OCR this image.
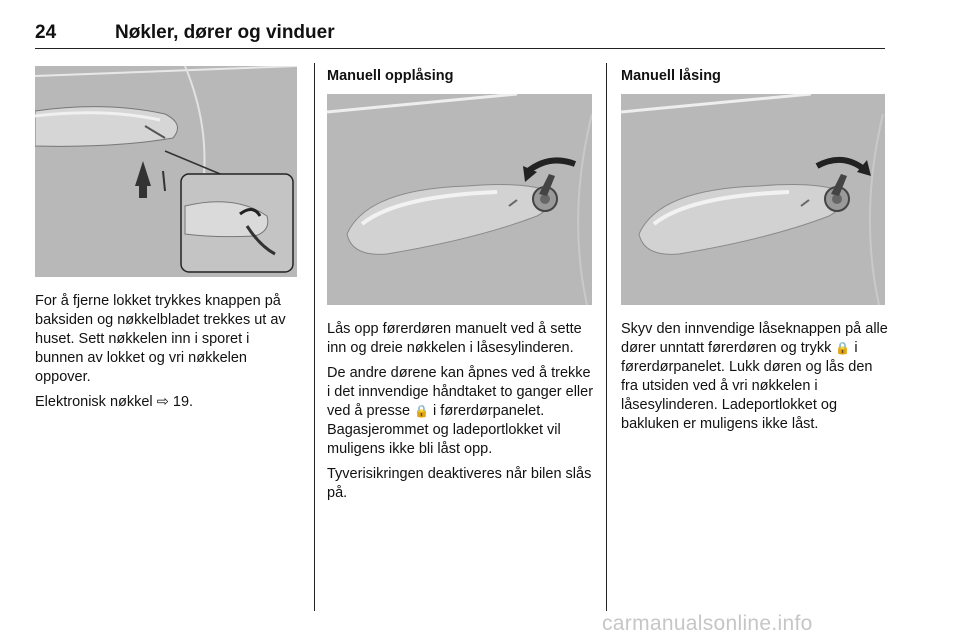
24	Nøkler, dører og vinduer

For å fjerne lokket trykkes knappen på baksiden og nøkkelbladet trekkes ut av huset. Sett nøkkelen inn i sporet i bunnen av lokket og vri nøkkelen oppover.

Elektronisk nøkkel ⇨ 19.

Manuell opplåsing

Lås opp førerdøren manuelt ved å sette inn og dreie nøkkelen i låsesylinderen.

De andre dørene kan åpnes ved å trekke i det innvendige håndtaket to ganger eller ved å presse 🔒 i førerdørpanelet. Bagasjerommet og ladeportlokket vil muligens ikke bli låst opp.

Tyverisikringen deaktiveres når bilen slås på.

Manuell låsing

Skyv den innvendige låseknappen på alle dører unntatt førerdøren og trykk 🔒 i førerdørpanelet. Lukk døren og lås den fra utsiden ved å vri nøkkelen i låsesylinderen. Ladeportlokket og bakluken er muligens ikke låst.

carmanualsonline.info
